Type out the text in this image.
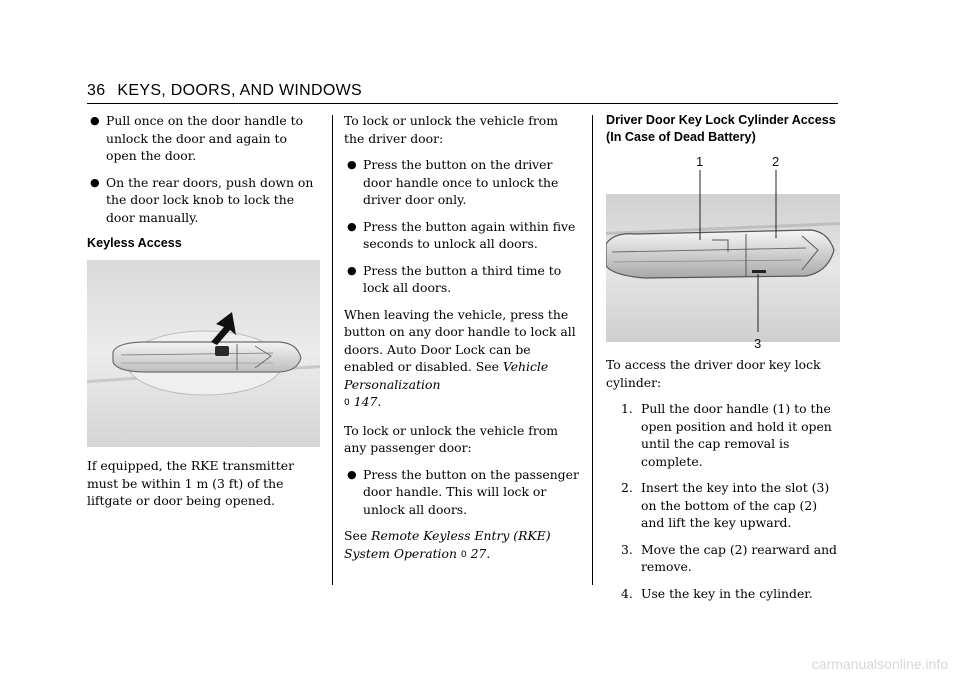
36 KEYS, DOORS, AND WINDOWS
● Pull once on the door handle to unlock the door and again to open the door.
● On the rear doors, push down on the door lock knob to lock the door manually.
Keyless Access

If equipped, the RKE transmitter must be within 1 m (3 ft) of the liftgate or door being opened.

To lock or unlock the vehicle from the driver door:

● Press the button on the driver door handle once to unlock the driver door only.
● Press the button again within five seconds to unlock all doors.
● Press the button a third time to lock all doors.

When leaving the vehicle, press the button on any door handle to lock all doors. Auto Door Lock can be enabled or disabled. See Vehicle Personalization
0 147.

To lock or unlock the vehicle from any passenger door:

● Press the button on the passenger door handle. This will lock or unlock all doors.

See Remote Keyless Entry (RKE) System Operation 0 27.

Driver Door Key Lock Cylinder Access (In Case of Dead Battery)
1	2
3

To access the driver door key lock cylinder:

1. Pull the door handle (1) to the open position and hold it open until the cap removal is complete.
2. Insert the key into the slot (3) on the bottom of the cap (2) and lift the key upward.
3. Move the cap (2) rearward and remove.
4. Use the key in the cylinder.
carmanualsonline.info
